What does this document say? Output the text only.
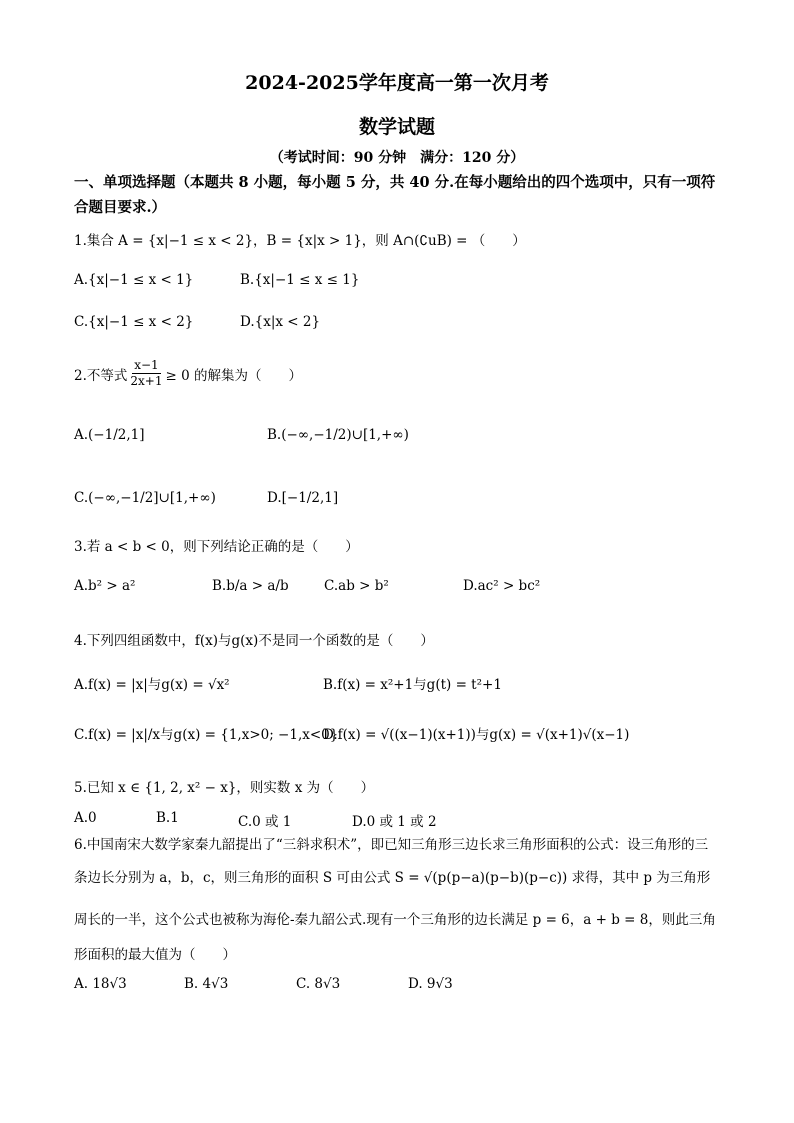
2024-2025学年度高一第一次月考
数学试题
（考试时间：90 分钟　满分：120 分）
一、单项选择题（本题共 8 小题，每小题 5 分，共 40 分.在每小题给出的四个选项中，只有一项符合题目要求.）
1.集合 A = {x|−1 ≤ x < 2}，B = {x|x > 1}，则 A∩(∁uB) = （　　）
A.{x|−1 ≤ x < 1}	B.{x|−1 ≤ x ≤ 1}
C.{x|−1 ≤ x < 2}	D.{x|x < 2}
2.不等式 $\frac{x-1}{2x+1} \ge 0$ 的解集为（　　）
A.(−1/2,1]	B.(−∞,−1/2)∪[1,+∞)
C.(−∞,−1/2]∪[1,+∞)	D.[−1/2,1]
3.若 a < b < 0，则下列结论正确的是（　　）
A.b² > a²	B.b/a > a/b	C.ab > b²	D.ac² > bc²
4.下列四组函数中，f(x)与g(x)不是同一个函数的是（　　）
A.f(x) = |x|与g(x) = √x²	B.f(x) = x²+1与g(t) = t²+1
C.f(x) = |x|/x与g(x) = {1,x>0; −1,x<0}
D.f(x) = √((x−1)(x+1))与g(x) = √(x+1)√(x−1)
5.已知 x ∈ {1, 2, x² − x}，则实数 x 为（　　）
A.0	B.1	C.0 或 1	D.0 或 1 或 2
6.中国南宋大数学家秦九韶提出了“三斜求积术”，即已知三角形三边长求三角形面积的公式：设三角形的三
条边长分别为 a，b，c，则三角形的面积 S 可由公式 S = √(p(p−a)(p−b)(p−c)) 求得，其中 p 为三角形
周长的一半，这个公式也被称为海伦-秦九韶公式.现有一个三角形的边长满足 p = 6，a + b = 8，则此三角
形面积的最大值为（　　）
A. 18√3	B. 4√3	C. 8√3	D. 9√3
